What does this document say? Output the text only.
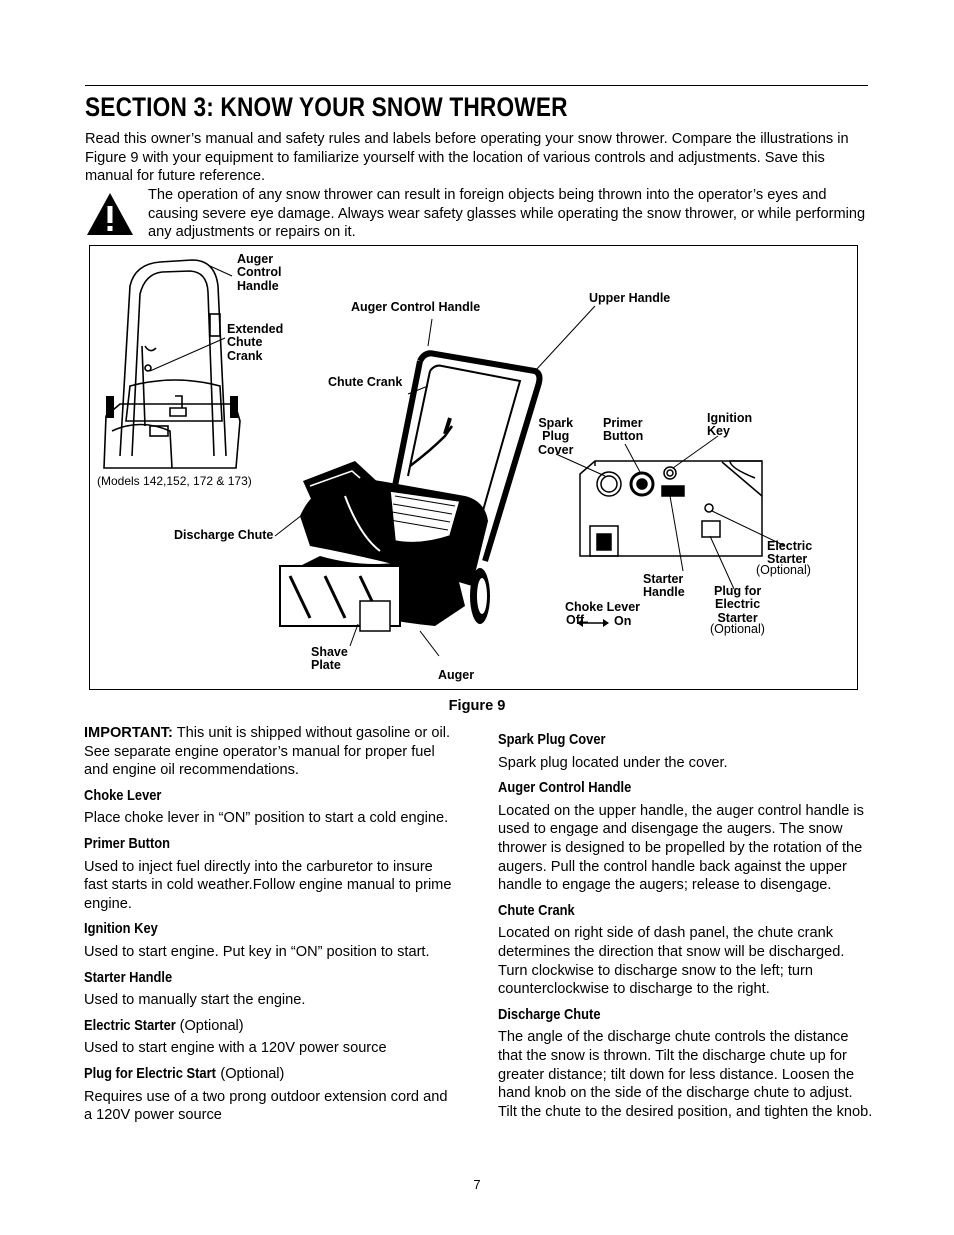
SECTION 3: KNOW YOUR SNOW THROWER
Read this owner’s manual and safety rules and labels before operating your snow thrower. Compare the illustrations in Figure 9 with your equipment to familiarize yourself with the location of various controls and adjustments. Save this manual for future reference.
The operation of any snow thrower can result in foreign objects being thrown into the operator’s eyes and causing severe eye damage. Always wear safety glasses while operating the snow thrower, or while performing any adjustments or repairs on it.
Auger
Control
Handle
Extended
Chute
Crank
(Models 142,152, 172 & 173)
Auger Control Handle
Upper Handle
Chute Crank
Spark
Plug
Cover
Primer
Button
Ignition
Key
Discharge Chute
Electric
Starter
(Optional)
Starter
Handle Plug for
Electric
Starter
(Optional)
Choke Lever
Off On
Shave
Plate
Auger
Figure 9

IMPORTANT: This unit is shipped without gasoline or oil. See separate engine operator’s manual for proper fuel and engine oil recommendations.

Choke Lever

Place choke lever in “ON” position to start a cold engine.

Primer Button

Used to inject fuel directly into the carburetor to insure fast starts in cold weather.Follow engine manual to prime engine.

Ignition Key

Used to start engine. Put key in “ON” position to start.

Starter Handle

Used to manually start the engine.

Electric Starter (Optional)

Used to start engine with a 120V power source

Plug for Electric Start (Optional)

Requires use of a two prong outdoor extension cord and a 120V power source

Spark Plug Cover

Spark plug located under the cover.

Auger Control Handle

Located on the upper handle, the auger control handle is used to engage and disengage the augers. The snow thrower is designed to be propelled by the rotation of the augers. Pull the control handle back against the upper handle to engage the augers; release to disengage.

Chute Crank

Located on right side of dash panel, the chute crank determines the direction that snow will be discharged. Turn clockwise to discharge snow to the left; turn counterclockwise to discharge to the right.

Discharge Chute

The angle of the discharge chute controls the distance that the snow is thrown. Tilt the discharge chute up for greater distance; tilt down for less distance. Loosen the hand knob on the side of the discharge chute to adjust. Tilt the chute to the desired position, and tighten the knob.

7
